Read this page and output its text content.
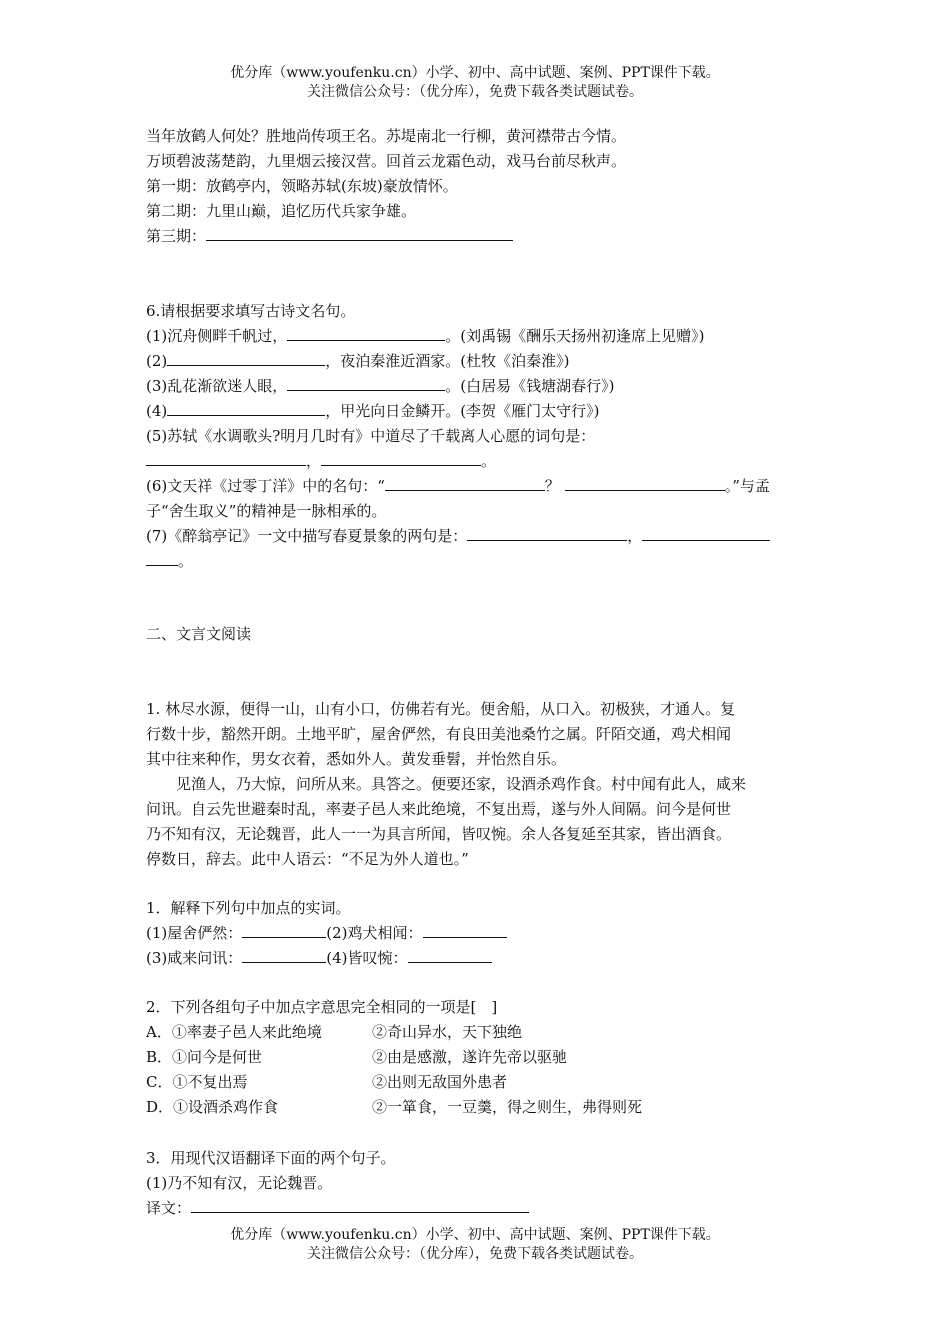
优分库（www.youfenku.cn）小学、初中、高中试题、案例、PPT课件下载。
关注微信公众号：（优分库），免费下载各类试题试卷。
当年放鹤人何处？胜地尚传项王名。苏堤南北一行柳，黄河襟带古今情。
万顷碧波荡楚韵，九里烟云接汉营。回首云龙霜色动，戏马台前尽秋声。
第一期：放鹤亭内，领略苏轼(东坡)豪放情怀。
第二期：九里山巅，追忆历代兵家争雄。
第三期：
6.请根据要求填写古诗文名句。
(1)沉舟侧畔千帆过，	。(刘禹锡《酬乐天扬州初逢席上见赠》)
(2)	，夜泊秦淮近酒家。(杜牧《泊秦淮》)
(3)乱花渐欲迷人眼，	。(白居易《钱塘湖春行》)
(4)	，甲光向日金鳞开。(李贺《雁门太守行》)
(5)苏轼《水调歌头?明月几时有》中道尽了千载离人心愿的词句是：
，	。
(6)文天祥《过零丁洋》中的名句：“	？	。”与孟
子“舍生取义”的精神是一脉相承的。
(7)《醉翁亭记》一文中描写春夏景象的两句是：	，
。
二、文言文阅读
1. 林尽水源，便得一山，山有小口，仿佛若有光。便舍船，从口入。初极狭，才通人。复
行数十步，豁然开朗。土地平旷，屋舍俨然，有良田美池桑竹之属。阡陌交通，鸡犬相闻
其中往来种作，男女衣着，悉如外人。黄发垂髫，并怡然自乐。
见渔人，乃大惊，问所从来。具答之。便要还家，设酒杀鸡作食。村中闻有此人，咸来
问讯。自云先世避秦时乱，率妻子邑人来此绝境，不复出焉，遂与外人间隔。问今是何世
乃不知有汉，无论魏晋，此人一一为具言所闻，皆叹惋。余人各复延至其家，皆出酒食。
停数日，辞去。此中人语云：“不足为外人道也。”
1．解释下列句中加点的实词。
(1)屋舍俨然：	(2)鸡犬相闻：
(3)咸来问讯：	(4)皆叹惋：
2．下列各组句子中加点字意思完全相同的一项是[　]
A．①率妻子邑人来此绝境	②奇山异水，天下独绝
B．①问今是何世	②由是感激，遂许先帝以驱驰
C．①不复出焉	②出则无敌国外患者
D．①设酒杀鸡作食	②一箪食，一豆羹，得之则生，弗得则死
3．用现代汉语翻译下面的两个句子。
(1)乃不知有汉，无论魏晋。
译文：
优分库（www.youfenku.cn）小学、初中、高中试题、案例、PPT课件下载。
关注微信公众号：（优分库），免费下载各类试题试卷。
